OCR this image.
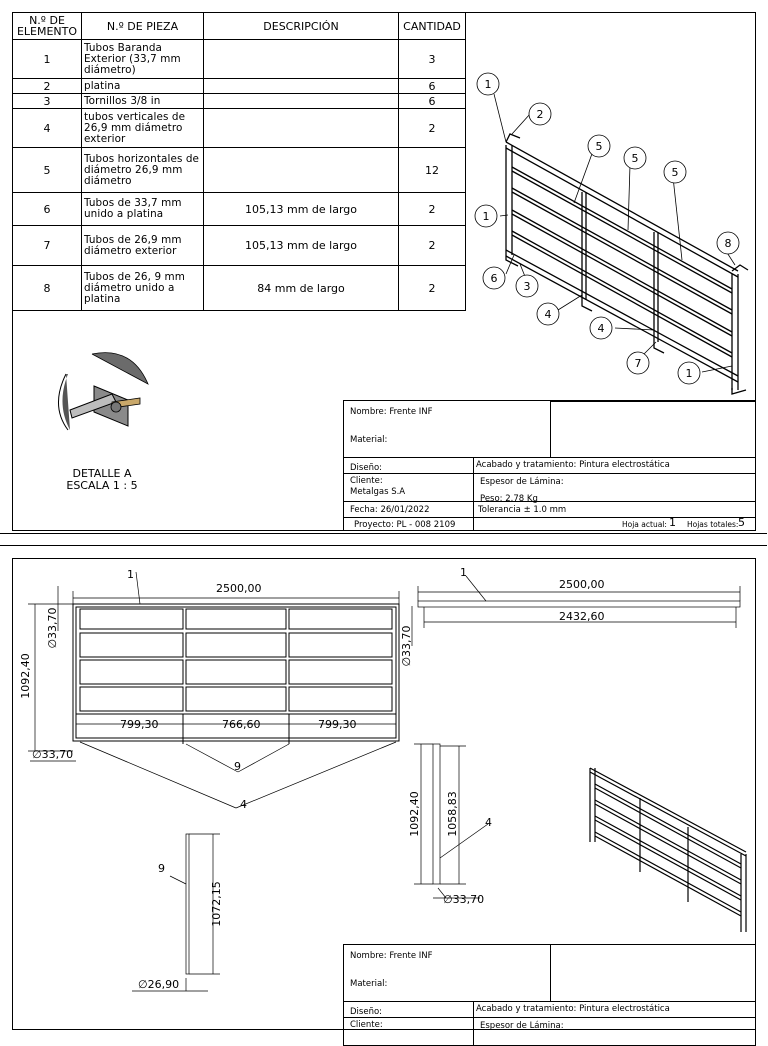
N.º DE ELEMENTO	N.º DE PIEZA	DESCRIPCIÓN	CANTIDAD
1	Tubos Baranda Exterior (33,7 mm diámetro)		3
2	platina		6
3	Tornillos 3/8 in		6
4	tubos verticales de 26,9 mm diámetro exterior		2
5	Tubos horizontales de diámetro 26,9 mm diámetro		12
6	Tubos de 33,7 mm unido a platina	105,13 mm de largo	2
7	Tubos de 26,9 mm diámetro exterior	105,13 mm de largo	2
8	Tubos de 26, 9 mm diámetro unido a platina	84 mm de largo	2
1
2
5
5
5
1
8
6
3
4
4
7
1
DETALLE A
ESCALA 1 : 5
Nombre: Frente INF
Material:
Diseño:	Acabado y tratamiento: Pintura electrostática
Cliente:
Metalgas S.A
Espesor de Lámina:
Peso: 2.78 Kg
Fecha: 26/01/2022	Tolerancia ± 1.0 mm
Proyecto: PL - 008 2109	Hoja actual: 1 Hojas totales: 5
2500,00
1092,40
∅33,70
∅33,70
799,30	766,60	799,30
2500,00
2432,60
∅33,70
1092,40 1058,83
∅33,70
1072,15
∅26,90
1	1
9
4
4
9
Nombre: Frente INF
Material:
Diseño:	Acabado y tratamiento: Pintura electrostática
Cliente:	Espesor de Lámina:
